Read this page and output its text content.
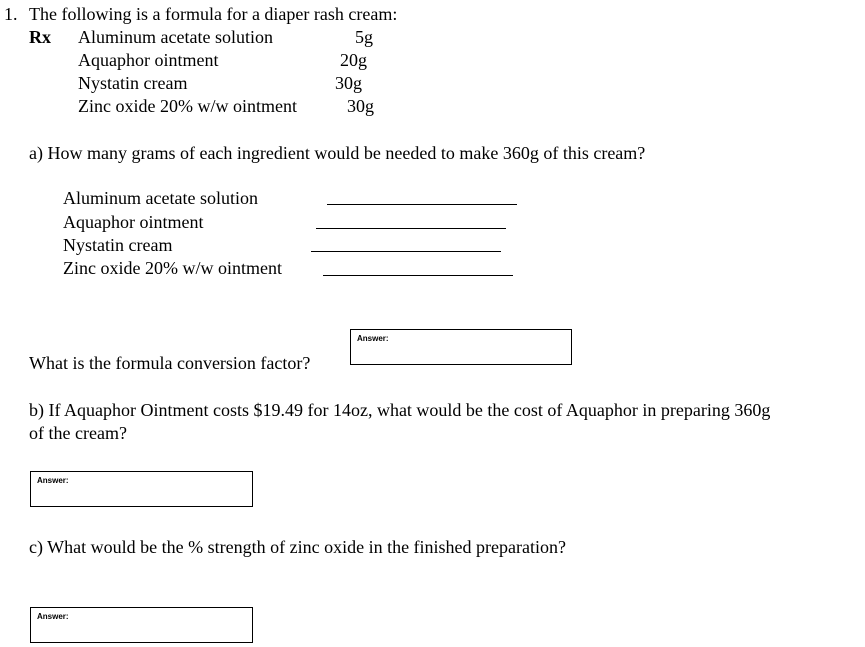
1. The following is a formula for a diaper rash cream:
Rx Aluminum acetate solution	5g
Aquaphor ointment	20g
Nystatin cream	30g
Zinc oxide 20% w/w ointment	30g
a) How many grams of each ingredient would be needed to make 360g of this cream?
Aluminum acetate solution
Aquaphor ointment
Nystatin cream
Zinc oxide 20% w/w ointment
What is the formula conversion factor?
Answer:
b) If Aquaphor Ointment costs $19.49 for 14oz, what would be the cost of Aquaphor in preparing 360g
of the cream?
Answer:
c) What would be the % strength of zinc oxide in the finished preparation?
Answer:
